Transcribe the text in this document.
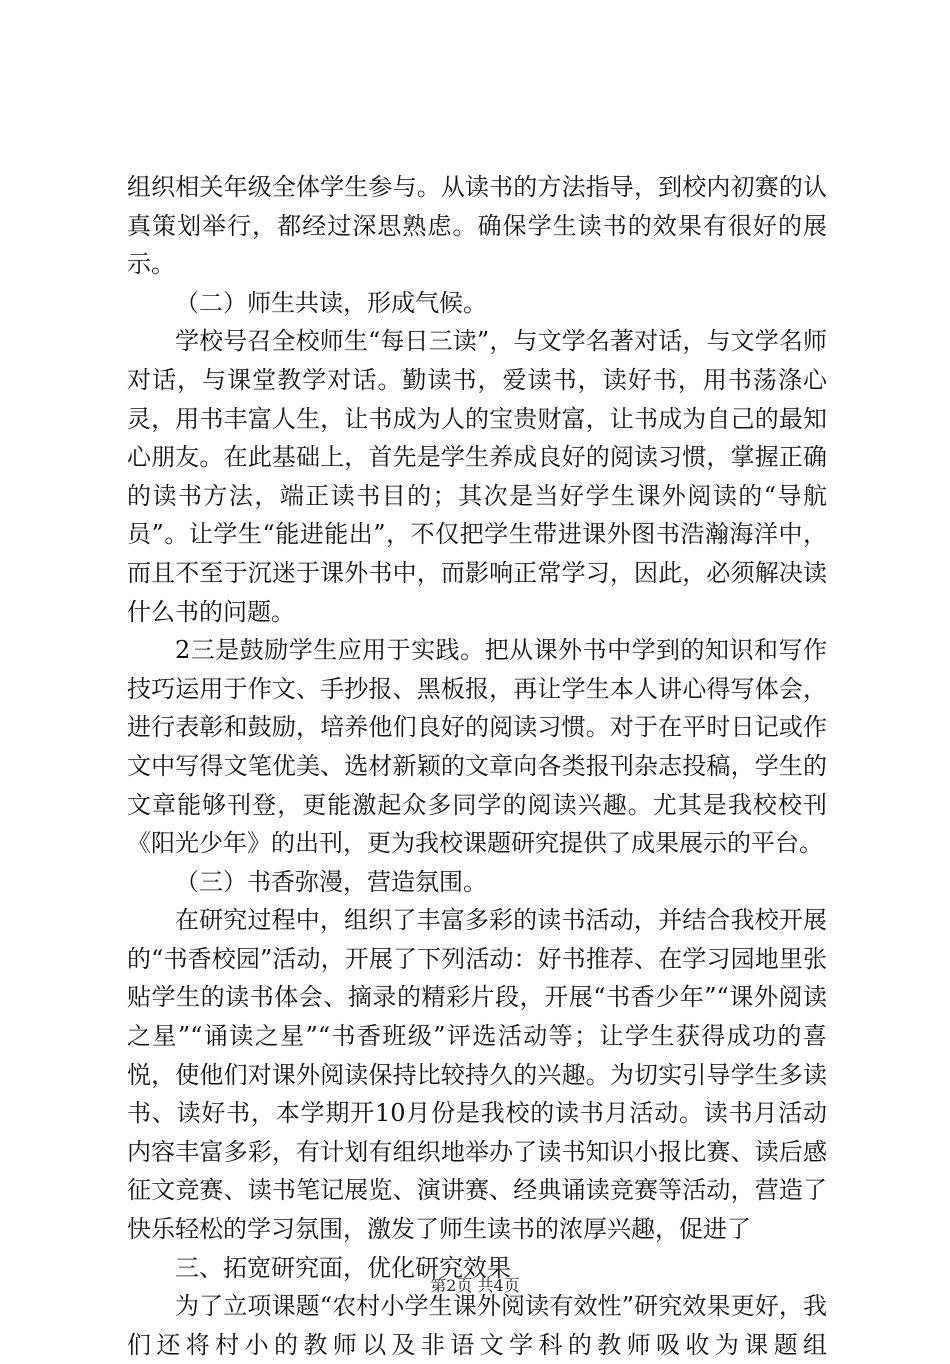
组织相关年级全体学生参与。从读书的方法指导，到校内初赛的认真策划举行，都经过深思熟虑。确保学生读书的效果有很好的展示。

（二）师生共读，形成气候。

学校号召全校师生“每日三读”，与文学名著对话，与文学名师对话，与课堂教学对话。勤读书，爱读书，读好书，用书荡涤心灵，用书丰富人生，让书成为人的宝贵财富，让书成为自己的最知心朋友。在此基础上，首先是学生养成良好的阅读习惯，掌握正确的读书方法，端正读书目的；其次是当好学生课外阅读的“导航员”。让学生“能进能出”，不仅把学生带进课外图书浩瀚海洋中，而且不至于沉迷于课外书中，而影响正常学习，因此，必须解决读什么书的问题。

2三是鼓励学生应用于实践。把从课外书中学到的知识和写作技巧运用于作文、手抄报、黑板报，再让学生本人讲心得写体会，进行表彰和鼓励，培养他们良好的阅读习惯。对于在平时日记或作文中写得文笔优美、选材新颖的文章向各类报刊杂志投稿，学生的文章能够刊登，更能激起众多同学的阅读兴趣。尤其是我校校刊《阳光少年》的出刊，更为我校课题研究提供了成果展示的平台。

（三）书香弥漫，营造氛围。

在研究过程中，组织了丰富多彩的读书活动，并结合我校开展的“书香校园”活动，开展了下列活动：好书推荐、在学习园地里张贴学生的读书体会、摘录的精彩片段，开展“书香少年”“课外阅读之星”“诵读之星”“书香班级”评选活动等；让学生获得成功的喜悦，使他们对课外阅读保持比较持久的兴趣。为切实引导学生多读书、读好书，本学期开10月份是我校的读书月活动。读书月活动内容丰富多彩，有计划有组织地举办了读书知识小报比赛、读后感征文竞赛、读书笔记展览、演讲赛、经典诵读竞赛等活动，营造了快乐轻松的学习氛围，激发了师生读书的浓厚兴趣，促进了

三、拓宽研究面，优化研究效果

为了立项课题“农村小学生课外阅读有效性”研究效果更好，我们还将村小的教师以及非语文学科的教师吸收为课题组

第2页 共4页
